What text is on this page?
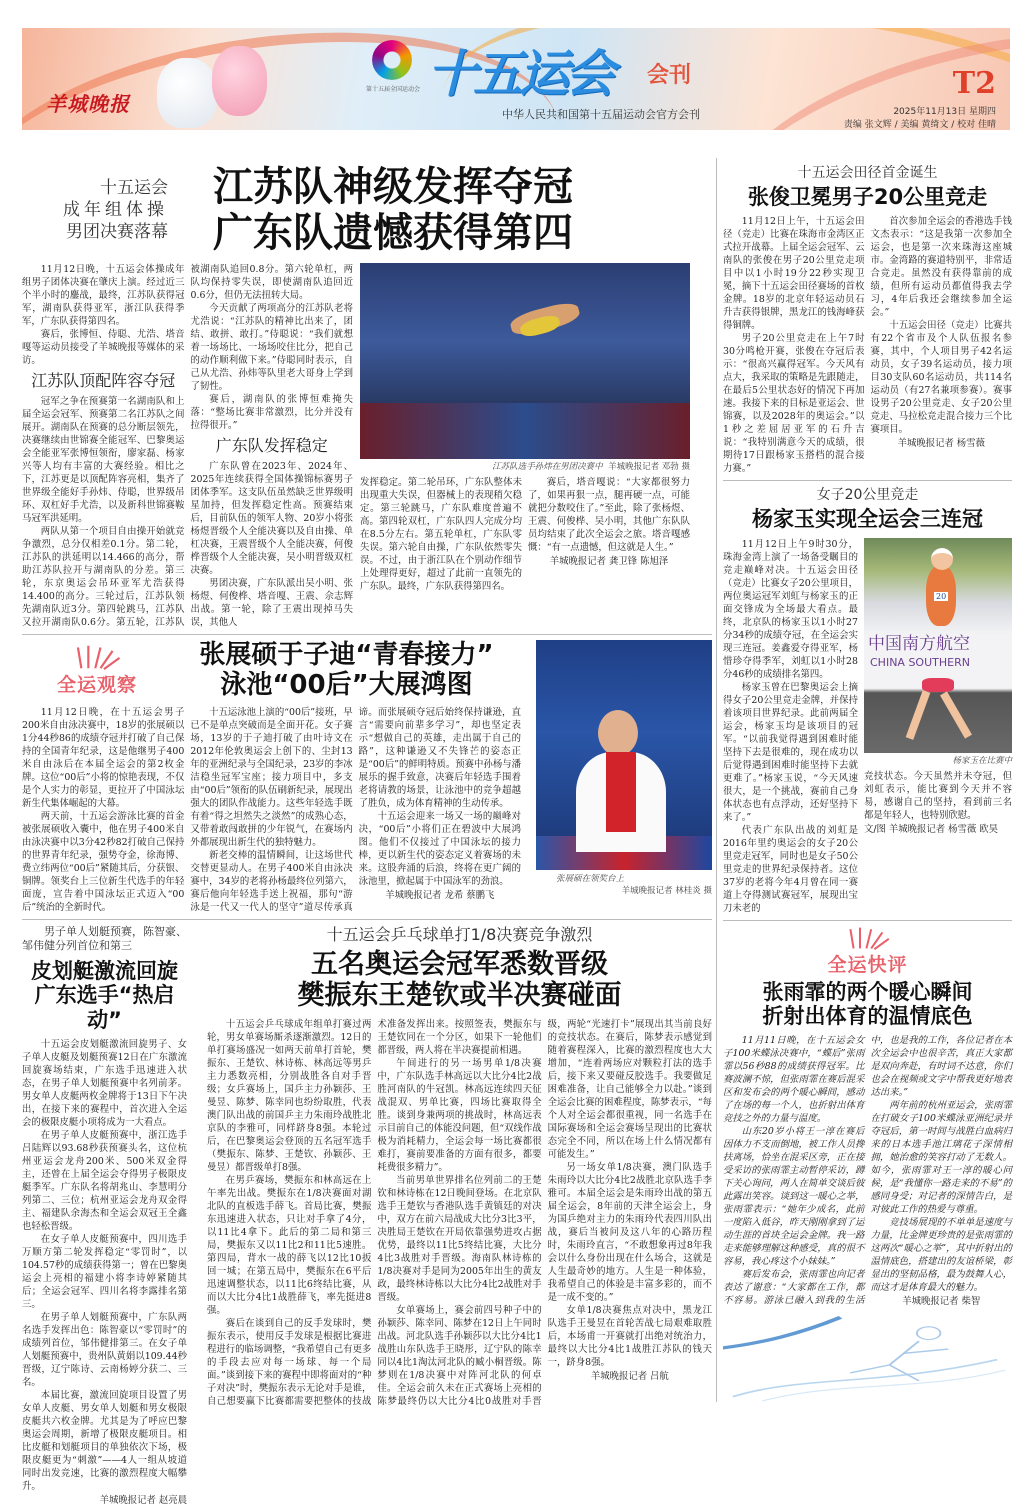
羊城晚报
第十五届全国运动会 十五运会 会刊
中华人民共和国第十五届运动会官方会刊
T2
2025年11月13日 星期四
责编 张文辉 / 美编 黄绮文 / 校对 佳晴
十五运会
成年组体操
男团决赛落幕
江苏队神级发挥夺冠
广东队遗憾获得第四

11月12日晚，十五运会体操成年组男子团体决赛在肇庆上演。经过近三个半小时的鏖战，最终，江苏队获得冠军，湖南队获得亚军，浙江队获得季军，广东队获得第四名。

赛后，张博恒、侍聪、尤浩、塔音嘎等运动员接受了羊城晚报等媒体的采访。

江苏队顶配阵容夺冠

冠军之争在预赛第一名湖南队和上届全运会冠军、预赛第二名江苏队之间展开。湖南队在预赛的总分断层领先，决赛继续由世锦赛全能冠军、巴黎奥运会全能亚军张博恒领衔，廖家磊、杨家兴等人均有丰富的大赛经验。相比之下，江苏更是以顶配阵容亮相，集齐了世界级全能好手孙炜、侍聪，世界级吊环、双杠好手尤浩，以及新科世锦赛鞍马冠军洪延明。

两队从第一个项目自由操开始就竞争激烈，总分仅相差0.1分。第二轮，江苏队的洪延明以14.466的高分，帮助江苏队拉开与湖南队的分差。第三轮，东京奥运会吊环亚军尤浩获得14.400的高分。三轮过后，江苏队领先湖南队近3分。第四轮跳马，江苏队又拉开湖南队0.6分。第五轮，江苏队被湖南队追回0.8分。第六轮单杠，两队均保持零失误，即使湖南队追回近0.6分，但仍无法扭转大局。

今天贡献了两项高分的江苏队老将尤浩说：“江苏队的精神比出来了，团结、敢拼、敢打。”侍聪说：“我们就想着一场场比、一场场咬住比分，把自己的动作顺利做下来。”侍聪同时表示，自己从尤浩、孙炜等队里老大哥身上学到了韧性。

赛后，湖南队的张博恒难掩失落：“整场比赛非常激烈，比分并没有拉得很开。”

广东队发挥稳定

广东队曾在2023年、2024年、2025年连续获得全国体操锦标赛男子团体季军。这支队伍虽然缺乏世界级明星加持，但发挥稳定性高。预赛结束后，目前队伍的领军人物、20岁小将张杨煜晋级个人全能决赛以及自由操、单杠决赛，王震晋级个人全能决赛，何俊桦晋级个人全能决赛，吴小明晋级双杠决赛。

男团决赛，广东队派出吴小明、张杨煜、何俊桦、塔音嘎、王震、佘志辉出战。第一轮，除了王震出现掉马失误，其他人

江苏队选手孙炜在男团决赛中 羊城晚报记者 邓勃 摄

发挥稳定。第二轮吊环，广东队整体未出现重大失误，但器械上的表现稍欠稳定。第三轮跳马，广东队难度普遍不高。第四轮双杠，广东队四人完成分均在8.5分左右。第五轮单杠，广东队零失误。第六轮自由操，广东队依然零失误。不过，由于浙江队在个别动作细节上处理得更好，超过了此前一直领先的广东队。最终，广东队获得第四名。

赛后，塔音嘎说：“大家都很努力了，如果再狠一点，腿再硬一点，可能就把分数咬住了。”至此，除了张杨煜、王震、何俊桦、吴小明，其他广东队队员均结束了此次全运会之旅。塔音嘎感慨：“有一点遗憾，但这就是人生。”

羊城晚报记者 龚卫锋 陈旭泽

全运观察
张展硕于子迪“青春接力”
泳池“00后”大展鸿图

11月12日晚，在十五运会男子200米自由泳决赛中，18岁的张展硕以1分44秒86的成绩夺冠并打破了自己保持的全国青年纪录，这是他继男子400米自由泳后在本届全运会的第2枚金牌。这位“00后”小将的惊艳表现，不仅是个人实力的彰显，更拉开了中国泳坛新生代集体崛起的大幕。

两天前，十五运会游泳比赛的首金被张展硕收入囊中，他在男子400米自由泳决赛中以3分42秒82打破自己保持的世界青年纪录，强势夺金，徐海博、费立纬两位“00后”紧随其后，分获银、铜牌。领奖台上三位新生代选手的年轻面庞，宣告着中国泳坛正式迈入“00后”统治的全新时代。

十五运泳池上演的“00后”接班，早已不是单点突破而是全面开花。女子赛场，13岁的于子迪打破了由叶诗文在2012年伦敦奥运会上创下的、尘封13年的亚洲纪录与全国纪录，23岁的李冰洁稳坐冠军宝座；接力项目中，多支由“00后”领衔的队伍刷新纪录，展现出强大的团队作战能力。这些年轻选手既有着“得之坦然失之淡然”的成熟心态，又带着敢闯敢拼的少年锐气，在赛场内外都展现出新生代的独特魅力。

新老交棒的温情瞬间，让这场世代交替更显动人。在男子400米自由泳决赛中，34岁的老将孙杨最终位列第六，赛后他向年轻选手送上祝福，那句“游泳是一代又一代人的坚守”道尽传承真谛。而张展硕夺冠后始终保持谦逊，直言“需要向前辈多学习”，却也坚定表示“想做自己的英雄，走出属于自己的路”，这种谦逊又不失锋芒的姿态正是“00后”的鲜明特质。预赛中孙杨与潘展乐的握手致意，决赛后年轻选手围着老将请教的场景，让泳池中的竞争超越了胜负，成为体育精神的生动传承。

十五运会迎来一场又一场的巅峰对决，“00后”小将们正在碧波中大展鸿图。他们不仅接过了中国泳坛的接力棒，更以新生代的姿态定义着赛场的未来。这股奔涌的后浪，终将在更广阔的泳池里，掀起属于中国泳军的劲浪。

羊城晚报记者 龙希 蔡鹏飞

张展硕在领奖台上
羊城晚报记者 林桂炎 摄
男子单人划艇预赛，陈智豪、邹伟健分列首位和第三
皮划艇激流回旋
广东选手“热启动”

十五运会皮划艇激流回旋男子、女子单人皮艇及划艇预赛12日在广东激流回旋赛场结束，广东选手迅速进入状态，在男子单人划艇预赛中名列前茅。男女单人皮艇两枚金牌将于13日下午决出，在接下来的赛程中，首次进入全运会的极限皮艇小项将成为一大看点。

在男子单人皮艇预赛中，浙江选手吕陆辉以93.68秒获预赛头名，这位杭州亚运会龙舟200米、500米双金得主，还曾在上届全运会夺得男子极限皮艇季军。广东队名将胡兆山、李慧明分列第二、三位；杭州亚运会龙舟双金得主、福建队余海杰和全运会双冠王全鑫也轻松晋级。

在女子单人皮艇预赛中，四川选手万顺方第二轮发挥稳定“零罚时”，以104.57秒的成绩获得第一；曾在巴黎奥运会上亮相的福建小将李诗婷紧随其后；全运会冠军、四川名将李露排名第三。

在男子单人划艇预赛中，广东队两名选手发挥出色：陈智豪以“零罚时”的成绩列首位，邹伟健排第三。在女子单人划艇预赛中，贵州队黄娟以109.44秒晋级，辽宁陈诗、云南杨婷分获二、三名。

本届比赛，激流回旋项目设置了男女单人皮艇、男女单人划艇和男女极限皮艇共六枚金牌。尤其是为了呼应巴黎奥运会周期，新增了极限皮艇项目。相比皮艇和划艇项目的单独依次下场，极限皮艇更为“刺激”——4人一组从坡道同时出发竞速，比赛的激烈程度大幅攀升。

羊城晚报记者 赵亮晨

十五运会乒乓球单打1/8决赛竞争激烈
五名奥运会冠军悉数晋级
樊振东王楚钦或半决赛碰面

十五运会乒乓球成年组单打赛过两轮，男女单赛场厮杀逐渐激烈。12日的单打赛场盛况一如两天前单打首轮，樊振东、王楚钦、林诗栋、林高远等男乒主力悉数亮相，分别战胜各自对手晋级；女乒赛场上，国乒主力孙颖莎、王曼昱、陈梦、陈幸同也纷纷取胜，代表澳门队出战的前国乒主力朱雨玲战胜北京队的李雅可，同样跻身8强。本轮过后，在巴黎奥运会登顶的五名冠军选手（樊振东、陈梦、王楚钦、孙颖莎、王曼昱）都晋级单打8强。

在男乒赛场，樊振东和林高远在上午率先出战。樊振东在1/8决赛面对湖北队的直板选手薛飞。首局比赛，樊振东迅速进入状态，只让对手拿了4分，以11比4拿下。此后的第二局和第三局，樊振东又以11比2和11比5速胜。第四局，背水一战的薛飞以12比10扳回一城；在第五局中，樊振东在6平后迅速调整状态，以11比6终结比赛，从而以大比分4比1战胜薛飞，率先挺进8强。

赛后在谈到自己的反手发球时，樊振东表示，使用反手发球是根据比赛进程进行的临场调整，“我希望自己有更多的手段去应对每一场球、每一个局面。”谈到接下来的赛程中即将面对的“种子对决”时，樊振东表示无论对手是谁，自己想要赢下比赛都需要把整体的技战术准备发挥出来。按照签表，樊振东与王楚钦同在一个分区，如果下一轮他们都晋级，两人将在半决赛提前相遇。

午间进行的另一场男单1/8决赛中，广东队选手林高远以大比分4比2战胜河南队的牛冠凯。林高远连续四天征战混双、男单比赛，四场比赛取得全胜。谈到身兼两项的挑战时，林高远表示目前自己的体能没问题，但“双线作战极为消耗精力，全运会每一场比赛都很难打，赛前要准备的方面有很多，都要耗费很多精力”。

当前男单世界排名位列前二的王楚钦和林诗栋在12日晚间登场。在北京队选手王楚钦与香港队选手黄镇廷的对决中，双方在前六局战成大比分3比3平，决胜局王楚钦在开局依靠强势进攻占据优势，最终以11比5终结比赛，大比分4比3战胜对手晋级。海南队林诗栋的1/8决赛对手是同为2005年出生的黄友政，最终林诗栋以大比分4比2战胜对手晋级。

女单赛场上，赛会前四号种子中的孙颖莎、陈幸同、陈梦在12日上午同时出战。河北队选手孙颖莎以大比分4比1战胜山东队选手王晓彤，辽宁队的陈幸同以4比1淘汰河北队的臧小桐晋级。陈梦则在1/8决赛中对阵河北队的何卓佳。全运会前久未在正式赛场上亮相的陈梦最终仍以大比分4比0战胜对手晋级，两轮“光速打卡”展现出其当前良好的竞技状态。在赛后，陈梦表示感觉到随着赛程深入，比赛的激烈程度也大大增加，“连着两场应对颗粒打法的选手后，接下来又要碰反胶选手。我要做足困难准备，让自己能够全力以赴。”谈到全运会比赛的困难程度，陈梦表示，“每个人对全运会都很重视，同一名选手在国际赛场和全运会赛场呈现出的比赛状态完全不同，所以在场上什么情况都有可能发生。”

另一场女单1/8决赛，澳门队选手朱雨玲以大比分4比2战胜北京队选手李雅可。本届全运会是朱雨玲出战的第五届全运会，8年前的天津全运会上，身为国乒绝对主力的朱雨玲代表四川队出战，赛后当被问及这八年的心路历程时，朱雨玲直言，“不敢想象再过8年我会以什么身份出现在什么场合，这就是人生最奇妙的地方。人生是一种体验，我希望自己的体验是丰富多彩的，而不是一成不变的。”

女单1/8决赛焦点对决中，黑龙江队选手王曼昱在首轮苦战七局艰难取胜后，本场甫一开赛就打出绝对统治力，最终以大比分4比1战胜江苏队的钱天一，跻身8强。

羊城晚报记者 吕航

十五运会田径首金诞生
张俊卫冕男子20公里竞走

11月12日上午，十五运会田径（竞走）比赛在珠海市金湾区正式拉开战幕。上届全运会冠军、云南队的张俊在男子20公里竞走项目中以1小时19分22秒实现卫冕，摘下十五运会田径赛场的首枚金牌。18岁的北京年轻运动员石升吉获得银牌，黑龙江的钱海峰获得铜牌。

男子20公里竞走在上午7时30分鸣枪开赛，张俊在夺冠后表示：“很高兴赢得冠军。今天风有点大，我采取的策略是先跟随走，在最后5公里状态好的情况下再加速。我接下来的目标是亚运会、世锦赛，以及2028年的奥运会。”以1秒之差屈居亚军的石升吉说：“我特别满意今天的成绩，很期待17日跟杨家玉搭档的混合接力赛。”

首次参加全运会的香港选手钱文杰表示：“这是我第一次参加全运会，也是第一次来珠海这座城市。金湾路的赛道特别平，非常适合竞走。虽然没有获得靠前的成绩，但所有运动员都值得我去学习，4年后我还会继续参加全运会。”

十五运会田径（竞走）比赛共有22个省市及个人队伍报名参赛，其中，个人项目男子42名运动员，女子39名运动员，接力项目30支队60名运动员，共114名运动员（有27名兼项参赛）。赛事设男子20公里竞走、女子20公里竞走、马拉松竞走混合接力三个比赛项目。

羊城晚报记者 杨雪薇

女子20公里竞走
杨家玉实现全运会三连冠

11月12日上午9时30分，珠海金湾上演了一场备受瞩目的竞走巅峰对决。十五运会田径（竞走）比赛女子20公里项目，两位奥运冠军刘虹与杨家玉的正面交锋成为全场最大看点。最终，北京队的杨家玉以1小时27分34秒的成绩夺冠，在全运会实现三连冠。姜鑫爱夺得亚军，杨惜珍夺得季军，刘虹以1小时28分46秒的成绩排名第四。

杨家玉曾在巴黎奥运会上摘得女子20公里竞走金牌，并保持着该项目世界纪录。此前两届全运会，杨家玉均是该项目的冠军。“以前我觉得遇到困难时能坚持下去是很难的，现在成功以后觉得遇到困难时能坚持下去就更难了。”杨家玉说，“今天风速很大，是一个挑战，赛前自己身体状态也有点浮动，还好坚持下来了。”

代表广东队出战的刘虹是2016年里约奥运会的女子20公里竞走冠军，同时也是女子50公里竞走的世界纪录保持者。这位37岁的老将今年4月曾在同一赛道上夺得测试赛冠军，展现出宝刀未老的

20
中国南方航空
CHINA SOUTHERN
杨家玉在比赛中

竞技状态。今天虽然并未夺冠，但刘虹表示，能比赛到今天并不容易，感谢自己的坚持，看到前三名都是年轻人，也特别欣慰。

文/图 羊城晚报记者 杨雪薇 欧昊

全运快评
张雨霏的两个暖心瞬间
折射出体育的温情底色

11月11日晚，在十五运会女子100米蝶泳决赛中，“蝶后”张雨霏以56秒88的成绩获得冠军。比赛波澜不惊，但张雨霏在赛后混采区和发布会的两个暖心瞬间，感动了在场的每一个人，也折射出体育竞技之外的力量与温度。

山东20岁小将王一淳在赛后因体力不支而倒地，被工作人员搀扶离场，恰坐在混采区旁，正在接受采访的张雨霏主动暂停采访，蹲下关心询问，两人在简单交谈后彼此露出笑容。谈到这一暖心之举，张雨霏表示：“她年少成名，此前一度陷入低谷，昨天刚刚拿到了运动生涯的首块全运会金牌。我一路走来能够理解这种感受，真的很不容易，我心疼这个小妹妹。”

赛后发布会，张雨霏也向记者表达了谢意：“大家都在工作，都不容易。游泳已融入到我的生活中，也是我的工作，各位记者在本次全运会中也很辛苦，真正大家都是双向奔赴，有时词不达意，你们也会在视频或文字中帮我更好地表达出来。”

两年前的杭州亚运会，张雨霏在打破女子100米蝶泳亚洲纪录并夺冠后，第一时间与战胜白血病归来的日本选手池江璃花子深情相拥，她治愈的笑容打动了无数人。如今，张雨霏对王一淳的暖心问候，是“我懂你一路走来的不易”的感同身受；对记者的深情告白，是对彼此工作的热爱与尊重。

竞技场展现的不单单是速度与力量，比金牌更珍贵的是张雨霏的这两次“暖心之举”，其中折射出的温情底色，搭建出的友谊桥梁，彰显出的坚韧品格，最为鼓舞人心，而这才是体育最大的魅力。

羊城晚报记者 柴智
